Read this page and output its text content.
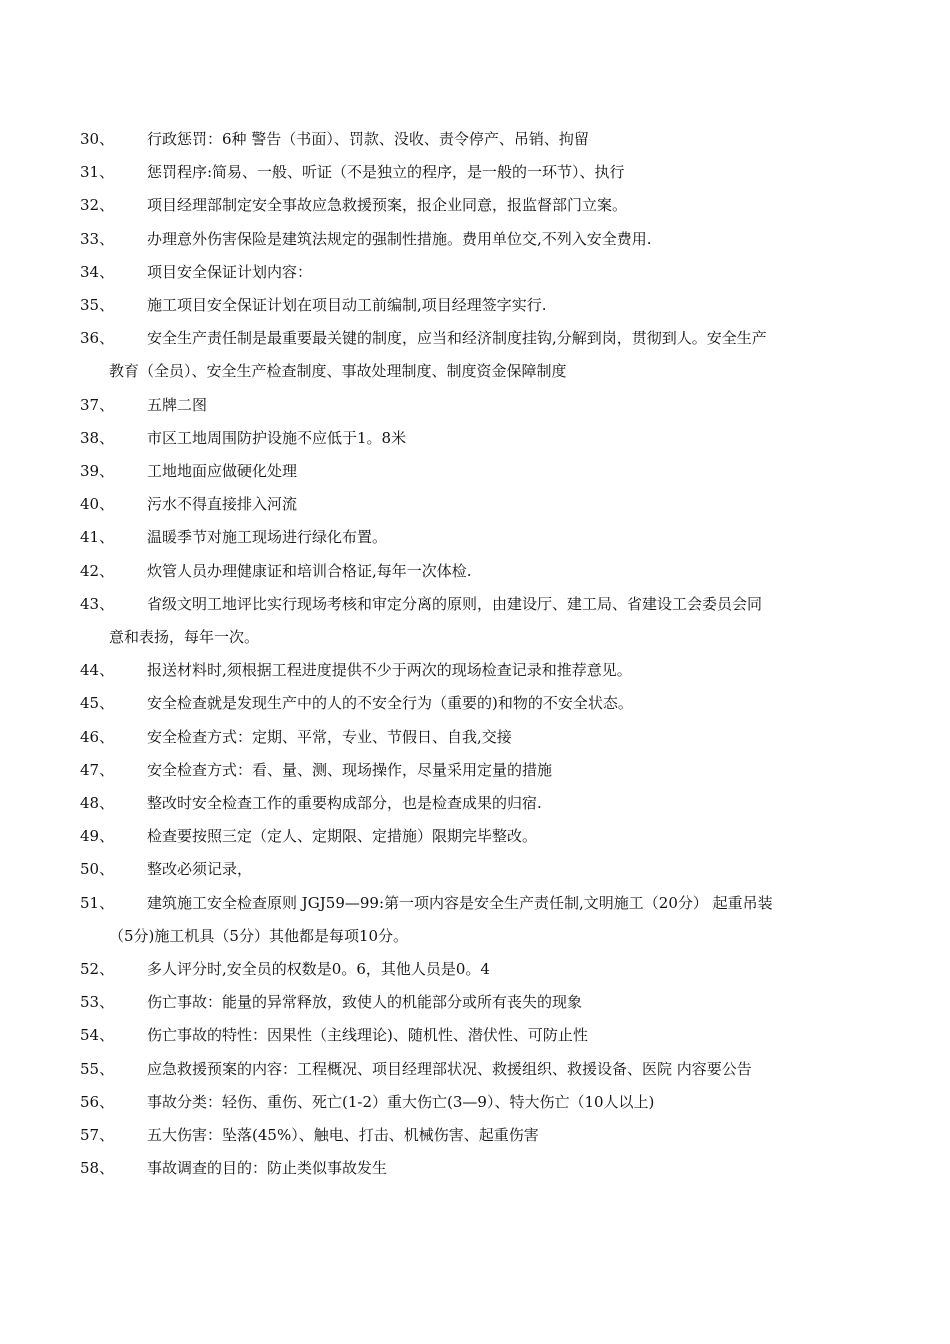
30、	行政惩罚：6种 警告（书面）、罚款、没收、责令停产、吊销、拘留
31、	惩罚程序:简易、一般、听证（不是独立的程序，是一般的一环节）、执行
32、	项目经理部制定安全事故应急救援预案，报企业同意，报监督部门立案。
33、	办理意外伤害保险是建筑法规定的强制性措施。费用单位交,不列入安全费用.
34、	项目安全保证计划内容：
35、	施工项目安全保证计划在项目动工前编制,项目经理签字实行.
36、	安全生产责任制是最重要最关键的制度，应当和经济制度挂钩,分解到岗，贯彻到人。安全生产
教育（全员）、安全生产检查制度、事故处理制度、制度资金保障制度
37、	五牌二图
38、	市区工地周围防护设施不应低于1。8米
39、	工地地面应做硬化处理
40、	污水不得直接排入河流
41、	温暖季节对施工现场进行绿化布置。
42、	炊管人员办理健康证和培训合格证,每年一次体检.
43、	省级文明工地评比实行现场考核和审定分离的原则，由建设厅、建工局、省建设工会委员会同
意和表扬，每年一次。
44、	报送材料时,须根据工程进度提供不少于两次的现场检查记录和推荐意见。
45、	安全检查就是发现生产中的人的不安全行为（重要的)和物的不安全状态。
46、	安全检查方式：定期、平常，专业、节假日、自我,交接
47、	安全检查方式：看、量、测、现场操作，尽量采用定量的措施
48、	整改时安全检查工作的重要构成部分，也是检查成果的归宿.
49、	检查要按照三定（定人、定期限、定措施）限期完毕整改。
50、	整改必须记录，
51、	建筑施工安全检查原则 JGJ59—99:第一项内容是安全生产责任制,文明施工（20分） 起重吊装
（5分)施工机具（5分）其他都是每项10分。
52、	多人评分时,安全员的权数是0。6，其他人员是0。4
53、	伤亡事故：能量的异常释放，致使人的机能部分或所有丧失的现象
54、	伤亡事故的特性：因果性（主线理论)、随机性、潜伏性、可防止性
55、	应急救援预案的内容：工程概况、项目经理部状况、救援组织、救援设备、医院 内容要公告
56、	事故分类：轻伤、重伤、死亡(1-2）重大伤亡(3—9）、特大伤亡（10人以上)
57、	五大伤害：坠落(45%）、触电、打击、机械伤害、起重伤害
58、	事故调查的目的：防止类似事故发生
